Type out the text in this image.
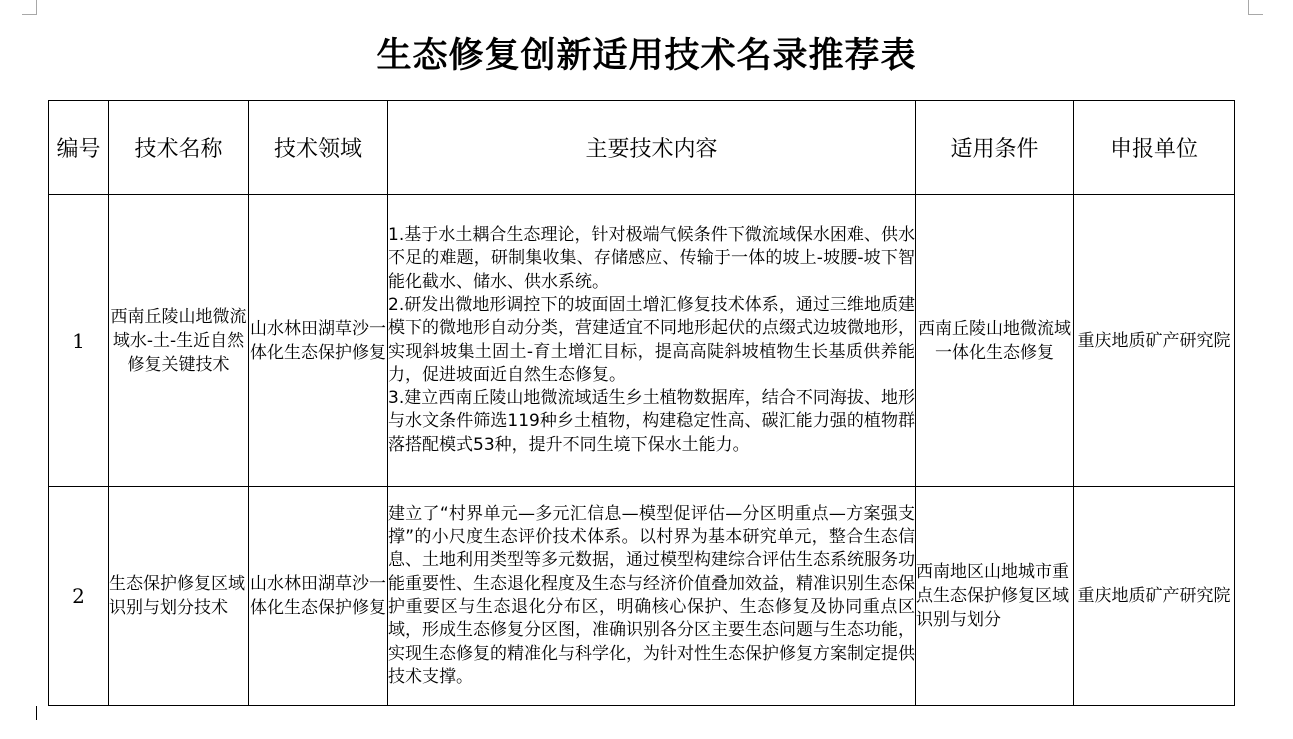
生态修复创新适用技术名录推荐表
编号	技术名称	技术领域	主要技术内容	适用条件	申报单位
1	西南丘陵山地微流域水-土-生近自然修复关键技术	山水林田湖草沙一体化生态保护修复	1.基于水土耦合生态理论，针对极端气候条件下微流域保水困难、供水不足的难题，研制集收集、存储感应、传输于一体的坡上-坡腰-坡下智能化截水、储水、供水系统。

2.研发出微地形调控下的坡面固土增汇修复技术体系，通过三维地质建模下的微地形自动分类，营建适宜不同地形起伏的点缀式边坡微地形，实现斜坡集土固土-育土增汇目标，提高高陡斜坡植物生长基质供养能力，促进坡面近自然生态修复。

3.建立西南丘陵山地微流域适生乡土植物数据库，结合不同海拔、地形与水文条件筛选119种乡土植物，构建稳定性高、碳汇能力强的植物群落搭配模式53种，提升不同生境下保水土能力。	西南丘陵山地微流域一体化生态修复	重庆地质矿产研究院
2	生态保护修复区域识别与划分技术	山水林田湖草沙一体化生态保护修复	建立了“村界单元—多元汇信息—模型促评估—分区明重点—方案强支撑”的小尺度生态评价技术体系。以村界为基本研究单元，整合生态信息、土地利用类型等多元数据，通过模型构建综合评估生态系统服务功能重要性、生态退化程度及生态与经济价值叠加效益，精准识别生态保护重要区与生态退化分布区，明确核心保护、生态修复及协同重点区域，形成生态修复分区图，准确识别各分区主要生态问题与生态功能，实现生态修复的精准化与科学化，为针对性生态保护修复方案制定提供技术支撑。	西南地区山地城市重点生态保护修复区域识别与划分	重庆地质矿产研究院
